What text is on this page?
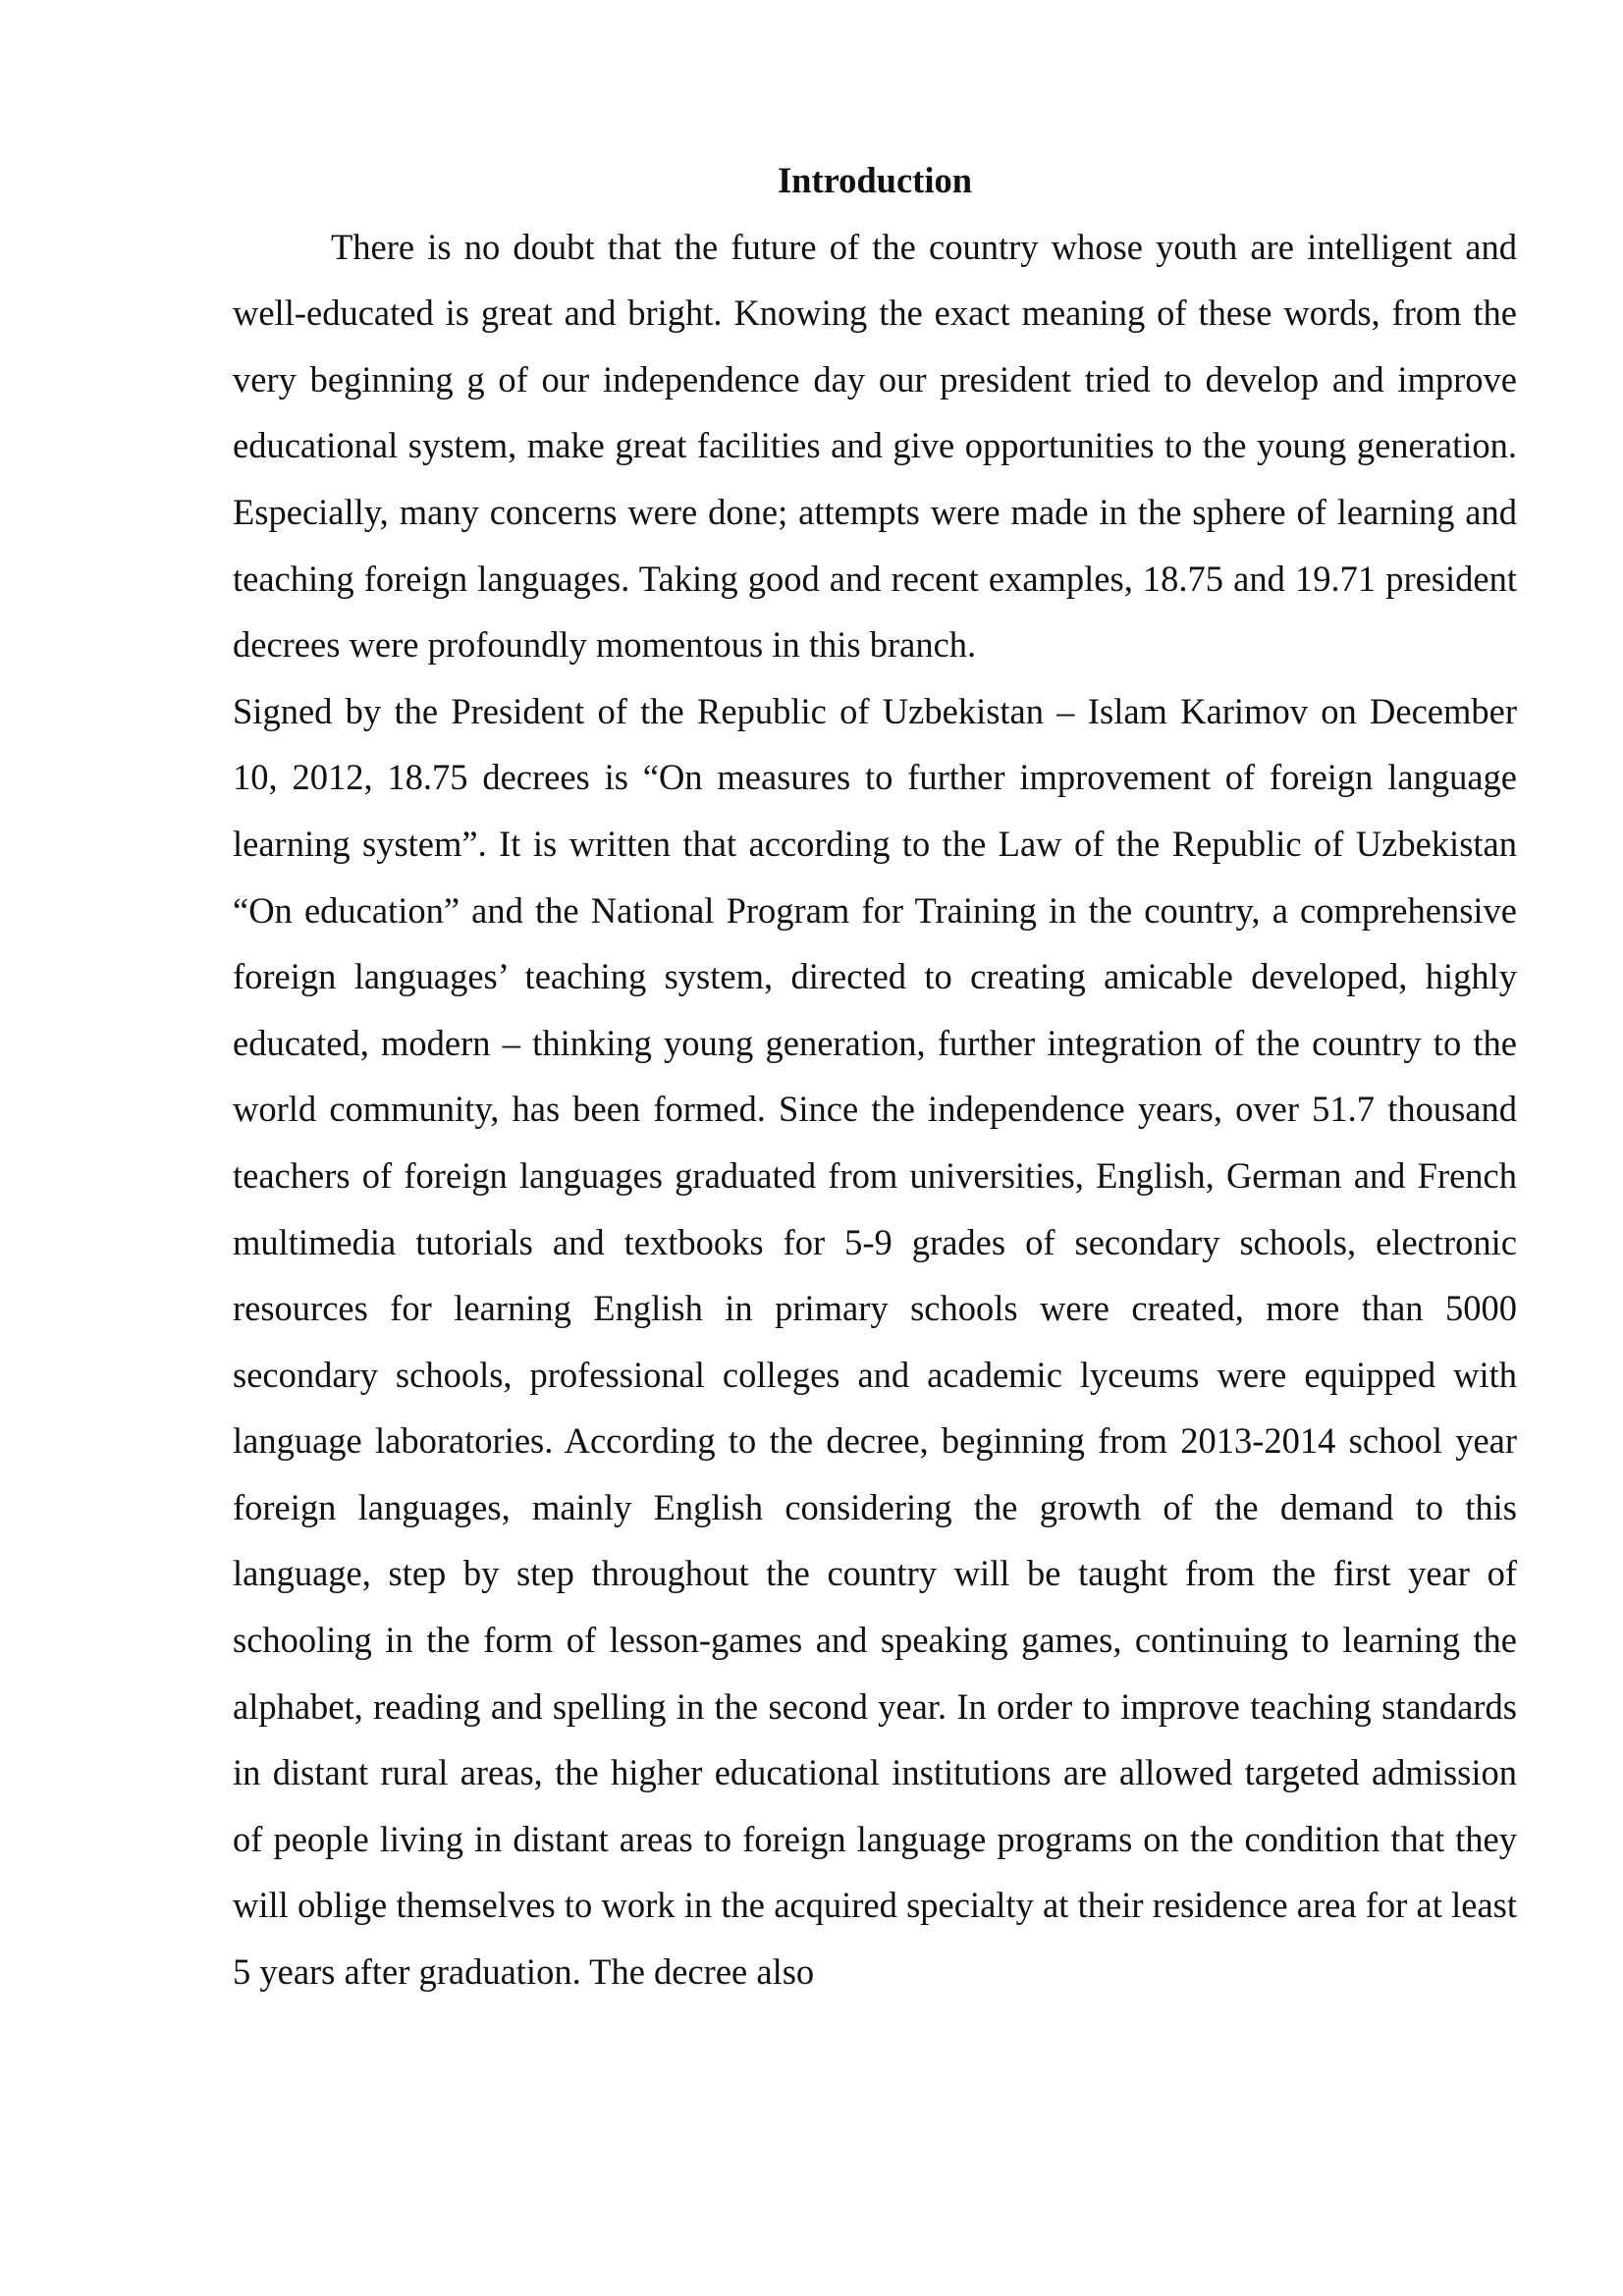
Introduction

There is no doubt that the future of the country whose youth are intelligent and well-educated is great and bright. Knowing the exact meaning of these words, from the very beginning g of our independence day our president tried to develop and improve educational system, make great facilities and give opportunities to the young generation. Especially, many concerns were done; attempts were made in the sphere of learning and teaching foreign languages. Taking good and recent examples, 18.75 and 19.71 president decrees were profoundly momentous in this branch.

Signed by the President of the Republic of Uzbekistan – Islam Karimov on December 10, 2012, 18.75 decrees is “On measures to further improvement of foreign language learning system”. It is written that according to the Law of the Republic of Uzbekistan “On education” and the National Program for Training in the country, a comprehensive foreign languages’ teaching system, directed to creating amicable developed, highly educated, modern – thinking young generation, further integration of the country to the world community, has been formed. Since the independence years, over 51.7 thousand teachers of foreign languages graduated from universities, English, German and French multimedia tutorials and textbooks for 5-9 grades of secondary schools, electronic resources for learning English in primary schools were created, more than 5000 secondary schools, professional colleges and academic lyceums were equipped with language laboratories. According to the decree, beginning from 2013-2014 school year foreign languages, mainly English considering the growth of the demand to this language, step by step throughout the country will be taught from the first year of schooling in the form of lesson-games and speaking games, continuing to learning the alphabet, reading and spelling in the second year. In order to improve teaching standards in distant rural areas, the higher educational institutions are allowed targeted admission of people living in distant areas to foreign language programs on the condition that they will oblige themselves to work in the acquired specialty at their residence area for at least 5 years after graduation. The decree also
